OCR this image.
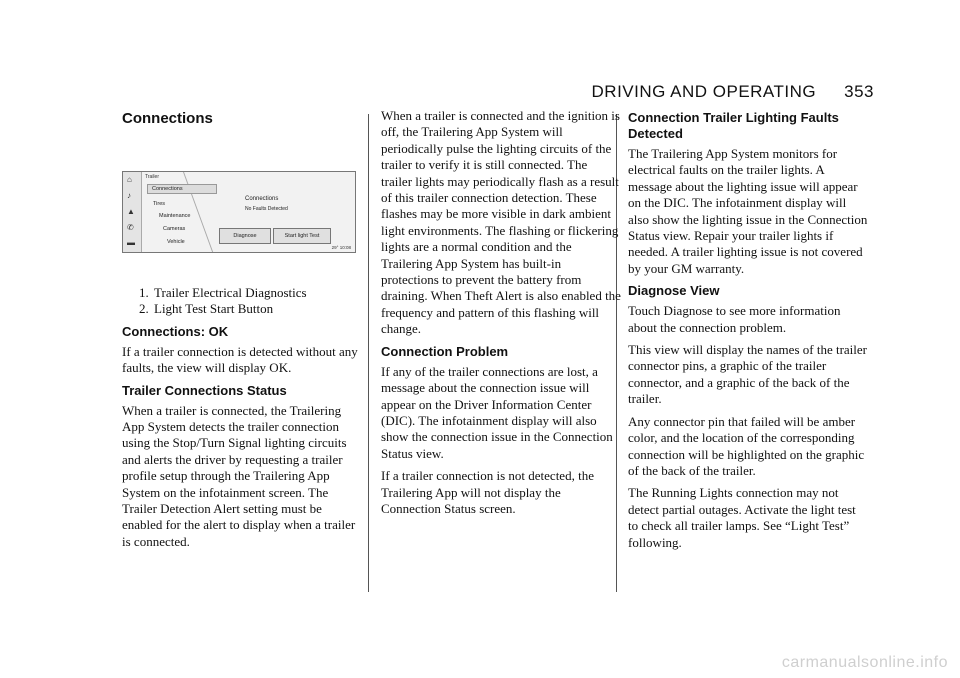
DRIVING AND OPERATING 353
Connections
⌂
♪
▲
✆
▬
Trailer
Connections
Tires
Maintenance
Cameras
Vehicle
Connections
No Faults Detected
Diagnose	Start light Test
29° 10:08
1. Trailer Electrical Diagnostics
2. Light Test Start Button
Connections: OK

If a trailer connection is detected without any faults, the view will display OK.

Trailer Connections Status

When a trailer is connected, the Trailering App System detects the trailer connection using the Stop/Turn Signal lighting circuits and alerts the driver by requesting a trailer profile setup through the Trailering App System on the infotainment screen. The Trailer Detection Alert setting must be enabled for the alert to display when a trailer is connected.

When a trailer is connected and the ignition is off, the Trailering App System will periodically pulse the lighting circuits of the trailer to verify it is still connected. The trailer lights may periodically flash as a result of this trailer connection detection. These flashes may be more visible in dark ambient light environments. The flashing or flickering lights are a normal condition and the Trailering App System has built-in protections to prevent the battery from draining. When Theft Alert is also enabled the frequency and pattern of this flashing will change.

Connection Problem

If any of the trailer connections are lost, a message about the connection issue will appear on the Driver Information Center (DIC). The infotainment display will also show the connection issue in the Connection Status view.

If a trailer connection is not detected, the Trailering App will not display the Connection Status screen.

Connection Trailer Lighting Faults Detected

The Trailering App System monitors for electrical faults on the trailer lights. A message about the lighting issue will appear on the DIC. The infotainment display will also show the lighting issue in the Connection Status view. Repair your trailer lights if needed. A trailer lighting issue is not covered by your GM warranty.

Diagnose View

Touch Diagnose to see more information about the connection problem.

This view will display the names of the trailer connector pins, a graphic of the trailer connector, and a graphic of the back of the trailer.

Any connector pin that failed will be amber color, and the location of the corresponding connection will be highlighted on the graphic of the back of the trailer.

The Running Lights connection may not detect partial outages. Activate the light test to check all trailer lamps. See “Light Test” following.

carmanualsonline.info
